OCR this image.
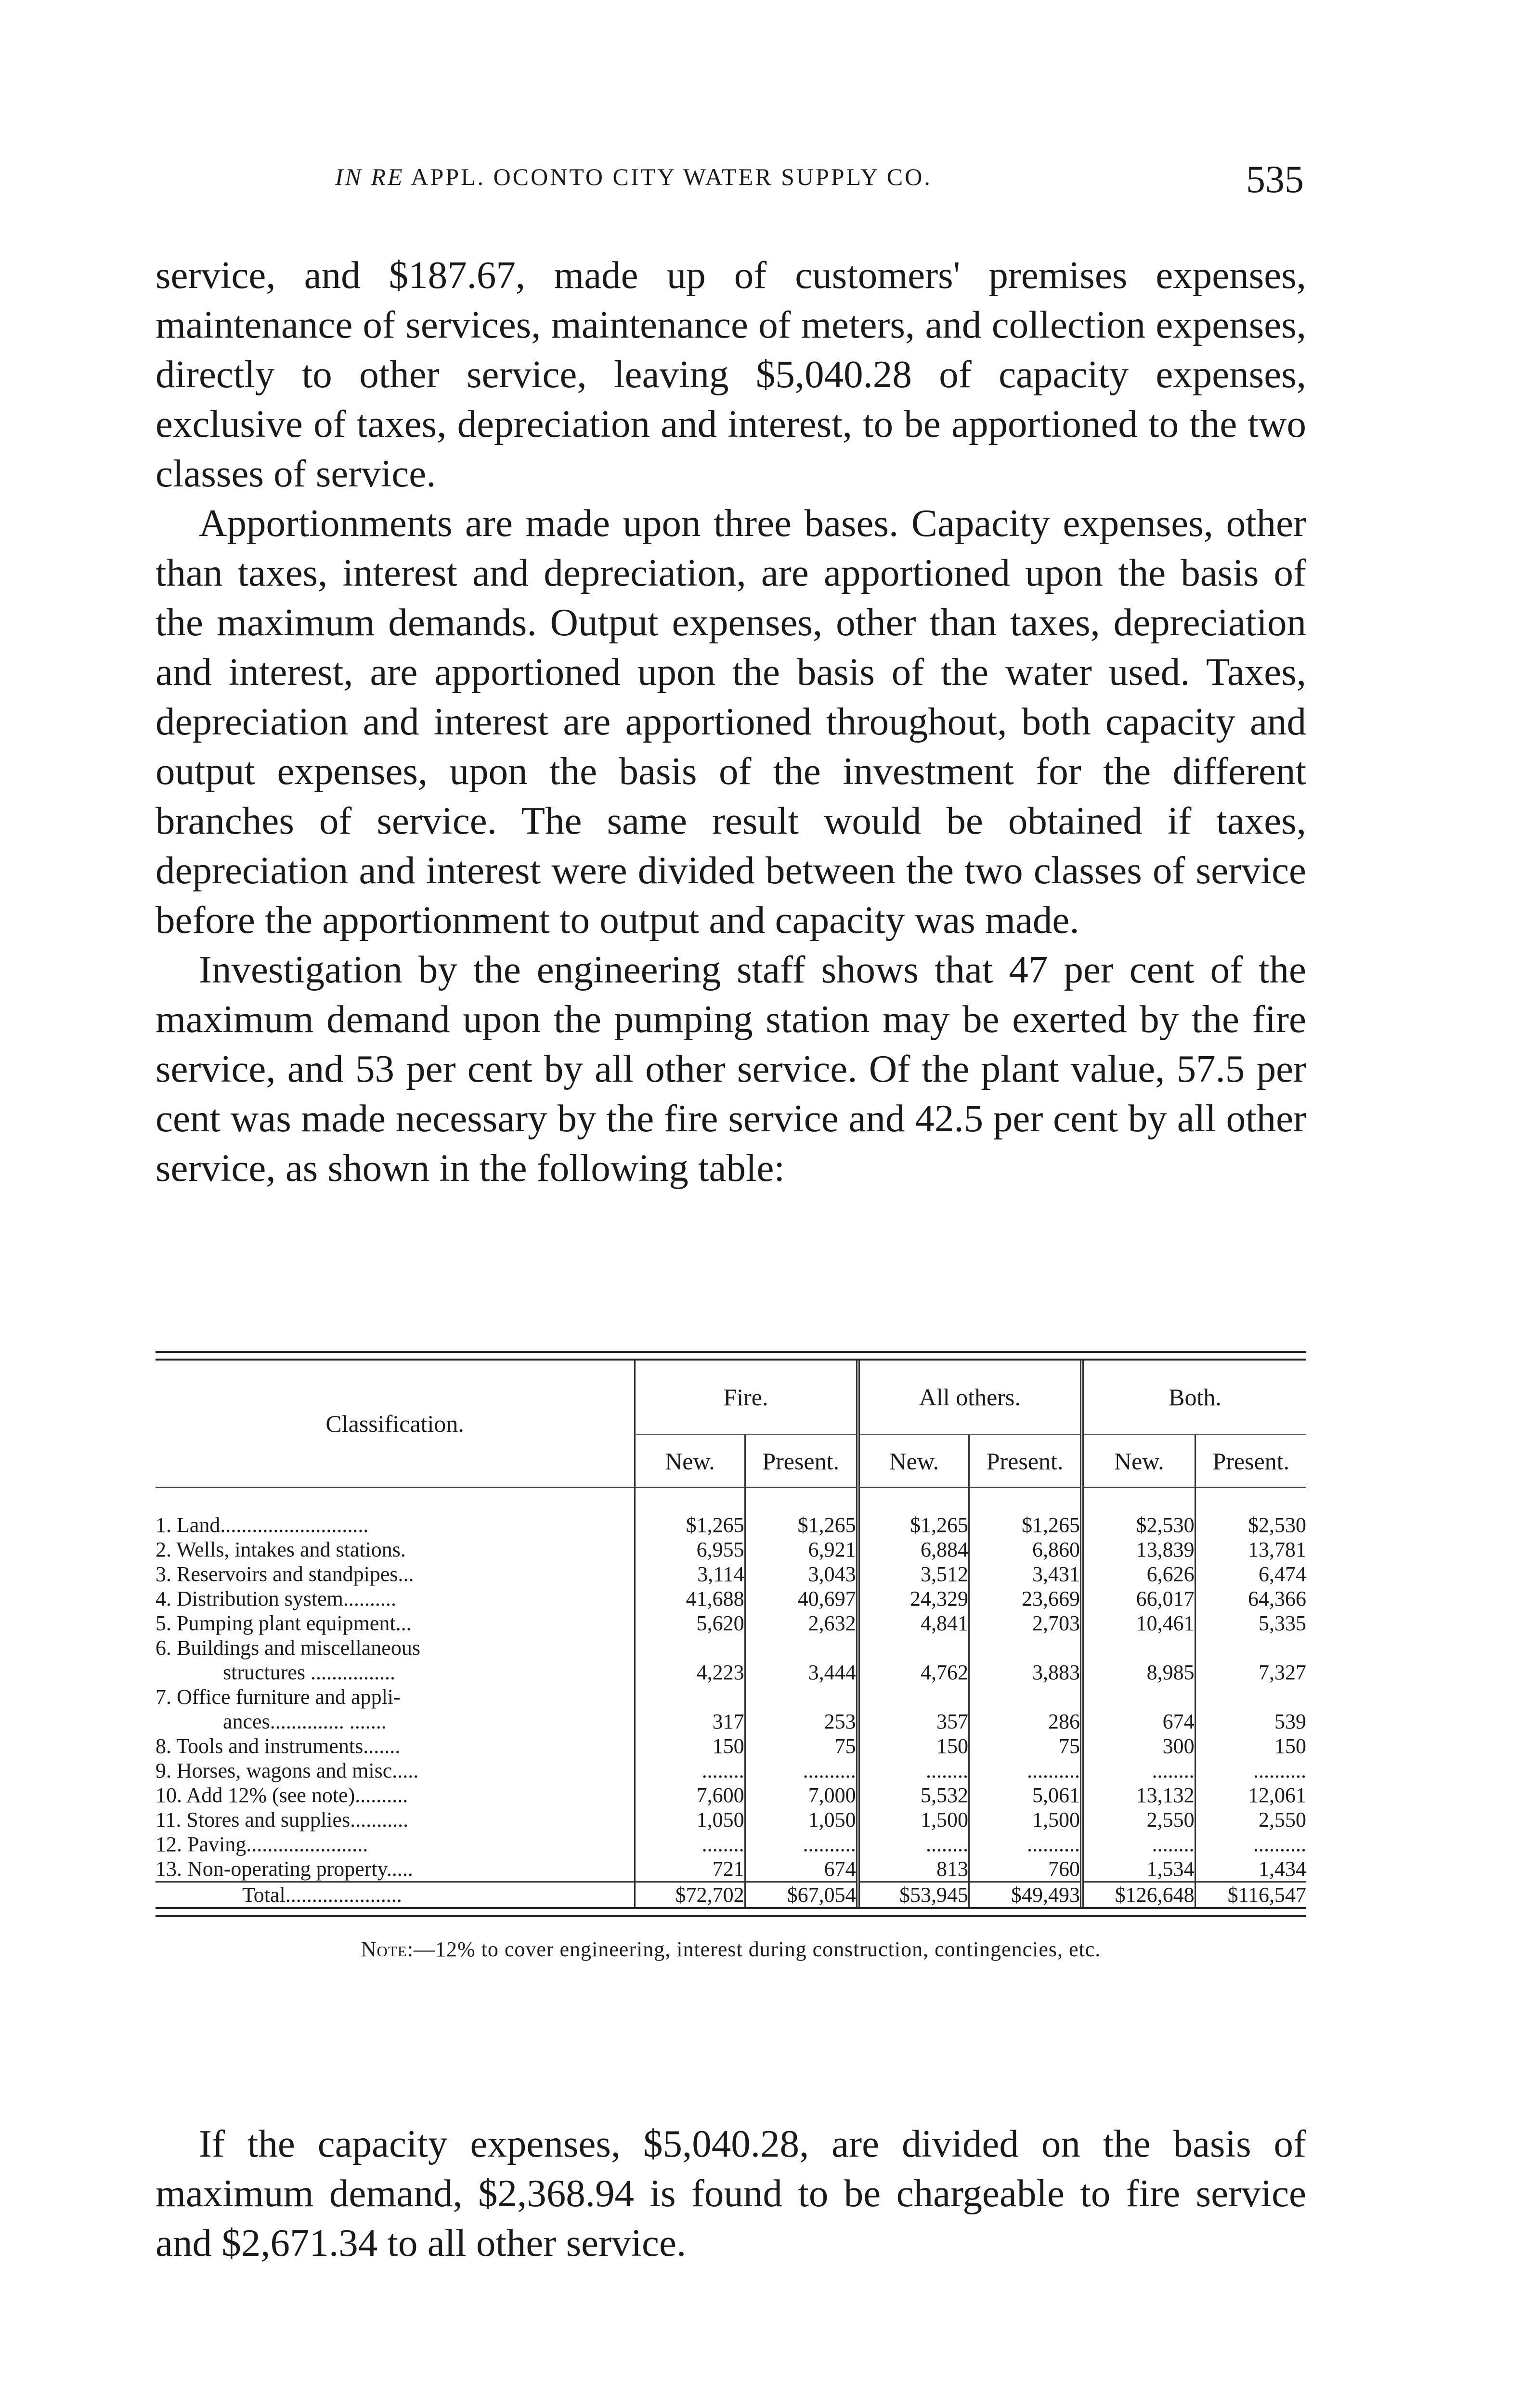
IN RE APPL. OCONTO CITY WATER SUPPLY CO.	535

service, and $187.67, made up of customers' premises expenses, maintenance of services, maintenance of meters, and collection expenses, directly to other service, leaving $5,040.28 of capacity expenses, exclusive of taxes, depreciation and interest, to be apportioned to the two classes of service.

Apportionments are made upon three bases. Capacity expenses, other than taxes, interest and depreciation, are apportioned upon the basis of the maximum demands. Output expenses, other than taxes, depreciation and interest, are apportioned upon the basis of the water used. Taxes, depreciation and interest are apportioned throughout, both capacity and output expenses, upon the basis of the investment for the different branches of service. The same result would be obtained if taxes, depreciation and interest were divided between the two classes of service before the apportionment to output and capacity was made.

Investigation by the engineering staff shows that 47 per cent of the maximum demand upon the pumping station may be exerted by the fire service, and 53 per cent by all other service. Of the plant value, 57.5 per cent was made necessary by the fire service and 42.5 per cent by all other service, as shown in the following table:

Classification.	Fire.		All others.		Both.	
	New.	Present.	New.	Present.	New.	Present.

1. Land............................	$1,265	$1,265	$1,265	$1,265	$2,530	$2,530
2. Wells, intakes and stations.	6,955	6,921	6,884	6,860	13,839	13,781
3. Reservoirs and standpipes...	3,114	3,043	3,512	3,431	6,626	6,474
4. Distribution system..........	41,688	40,697	24,329	23,669	66,017	64,366
5. Pumping plant equipment...	5,620	2,632	4,841	2,703	10,461	5,335
6. Buildings and miscellaneous						
structures ................	4,223	3,444	4,762	3,883	8,985	7,327
7. Office furniture and appli-						
ances.............. .......	317	253	357	286	674	539
8. Tools and instruments.......	150	75	150	75	300	150
9. Horses, wagons and misc.....	........	..........	........	..........	........	..........
10. Add 12% (see note)..........	7,600	7,000	5,532	5,061	13,132	12,061
11. Stores and supplies...........	1,050	1,050	1,500	1,500	2,550	2,550
12. Paving.......................	........	..........	........	..........	........	..........
13. Non-operating property.....	721	674	813	760	1,534	1,434
Total......................	$72,702	$67,054	$53,945	$49,493	$126,648	$116,547
Note:—12% to cover engineering, interest during construction, contingencies, etc.

If the capacity expenses, $5,040.28, are divided on the basis of maximum demand, $2,368.94 is found to be chargeable to fire service and $2,671.34 to all other service.
